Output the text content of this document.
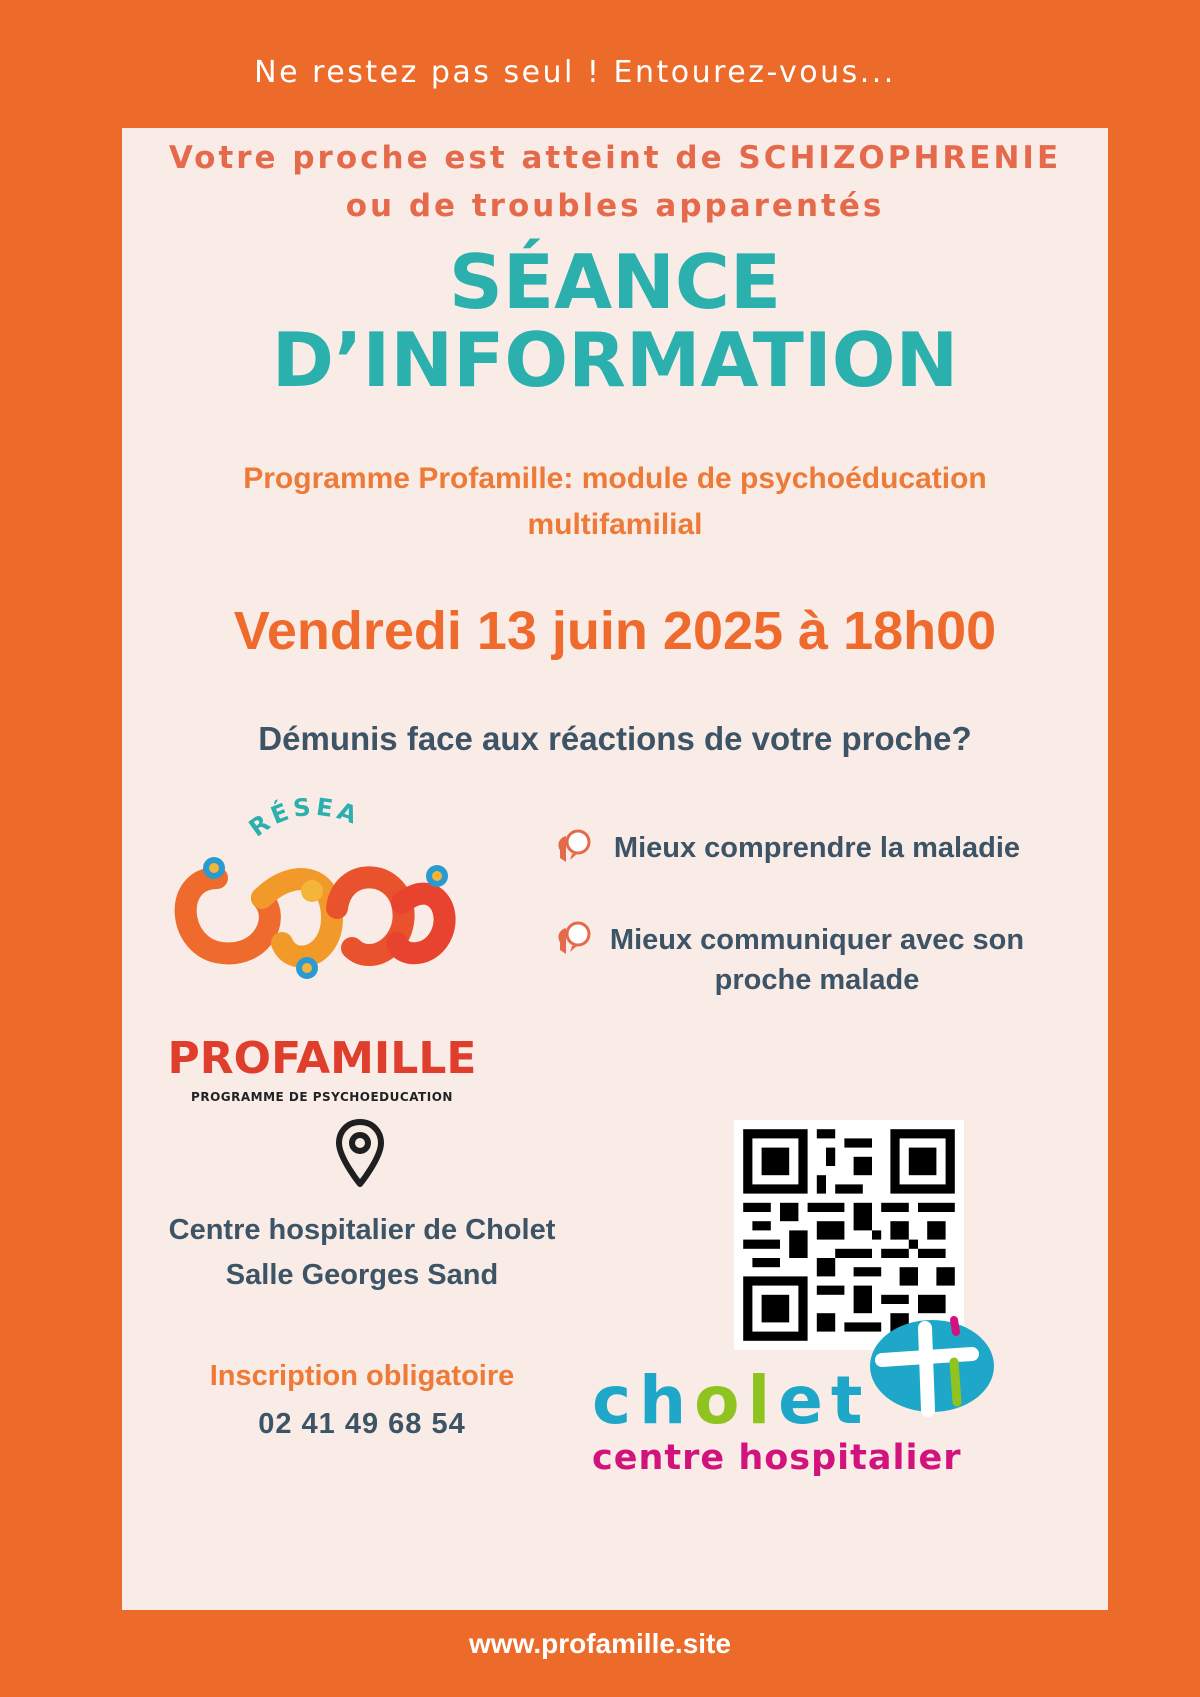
Ne restez pas seul ! Entourez-vous...
Votre proche est atteint de SCHIZOPHRENIE
ou de troubles apparentés
SÉANCE
D’INFORMATION
Programme Profamille: module de psychoéducation
multifamilial
Vendredi 13 juin 2025 à 18h00
Démunis face aux réactions de votre proche?
RÉSEA
PROFAMILLE
PROGRAMME DE PSYCHOEDUCATION
Mieux comprendre la maladie
Mieux communiquer avec son
proche malade
Centre hospitalier de Cholet
Salle Georges Sand
Inscription obligatoire
02 41 49 68 54	cholet
centre hospitalier
www.profamille.site
